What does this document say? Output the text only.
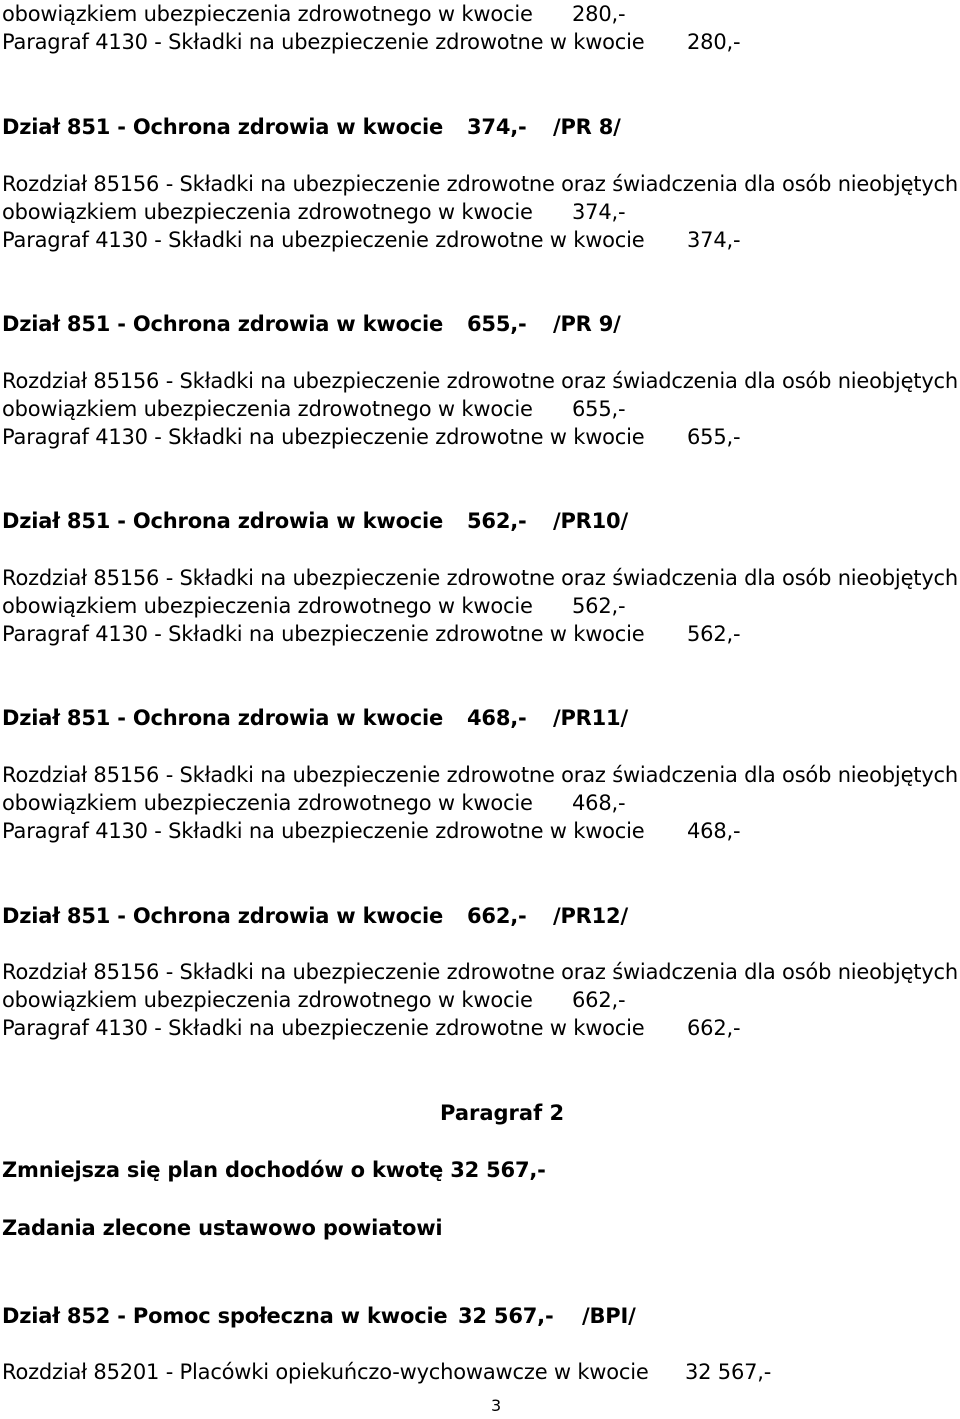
obowiązkiem ubezpieczenia zdrowotnego w kwocie 280,-
Paragraf 4130 - Składki na ubezpieczenie zdrowotne w kwocie 280,-
Dział 851 - Ochrona zdrowia w kwocie 374,- /PR 8/
Rozdział 85156 - Składki na ubezpieczenie zdrowotne oraz świadczenia dla osób nieobjętych
obowiązkiem ubezpieczenia zdrowotnego w kwocie 374,-
Paragraf 4130 - Składki na ubezpieczenie zdrowotne w kwocie 374,-
Dział 851 - Ochrona zdrowia w kwocie 655,- /PR 9/
Rozdział 85156 - Składki na ubezpieczenie zdrowotne oraz świadczenia dla osób nieobjętych
obowiązkiem ubezpieczenia zdrowotnego w kwocie 655,-
Paragraf 4130 - Składki na ubezpieczenie zdrowotne w kwocie 655,-
Dział 851 - Ochrona zdrowia w kwocie 562,- /PR10/
Rozdział 85156 - Składki na ubezpieczenie zdrowotne oraz świadczenia dla osób nieobjętych
obowiązkiem ubezpieczenia zdrowotnego w kwocie 562,-
Paragraf 4130 - Składki na ubezpieczenie zdrowotne w kwocie 562,-
Dział 851 - Ochrona zdrowia w kwocie 468,- /PR11/
Rozdział 85156 - Składki na ubezpieczenie zdrowotne oraz świadczenia dla osób nieobjętych
obowiązkiem ubezpieczenia zdrowotnego w kwocie 468,-
Paragraf 4130 - Składki na ubezpieczenie zdrowotne w kwocie 468,-
Dział 851 - Ochrona zdrowia w kwocie 662,- /PR12/
Rozdział 85156 - Składki na ubezpieczenie zdrowotne oraz świadczenia dla osób nieobjętych
obowiązkiem ubezpieczenia zdrowotnego w kwocie 662,-
Paragraf 4130 - Składki na ubezpieczenie zdrowotne w kwocie 662,-
Paragraf 2
Zmniejsza się plan dochodów o kwotę 32 567,-
Zadania zlecone ustawowo powiatowi
Dział 852 - Pomoc społeczna w kwocie 32 567,- /BPI/
Rozdział 85201 - Placówki opiekuńczo-wychowawcze w kwocie 32 567,-
3
